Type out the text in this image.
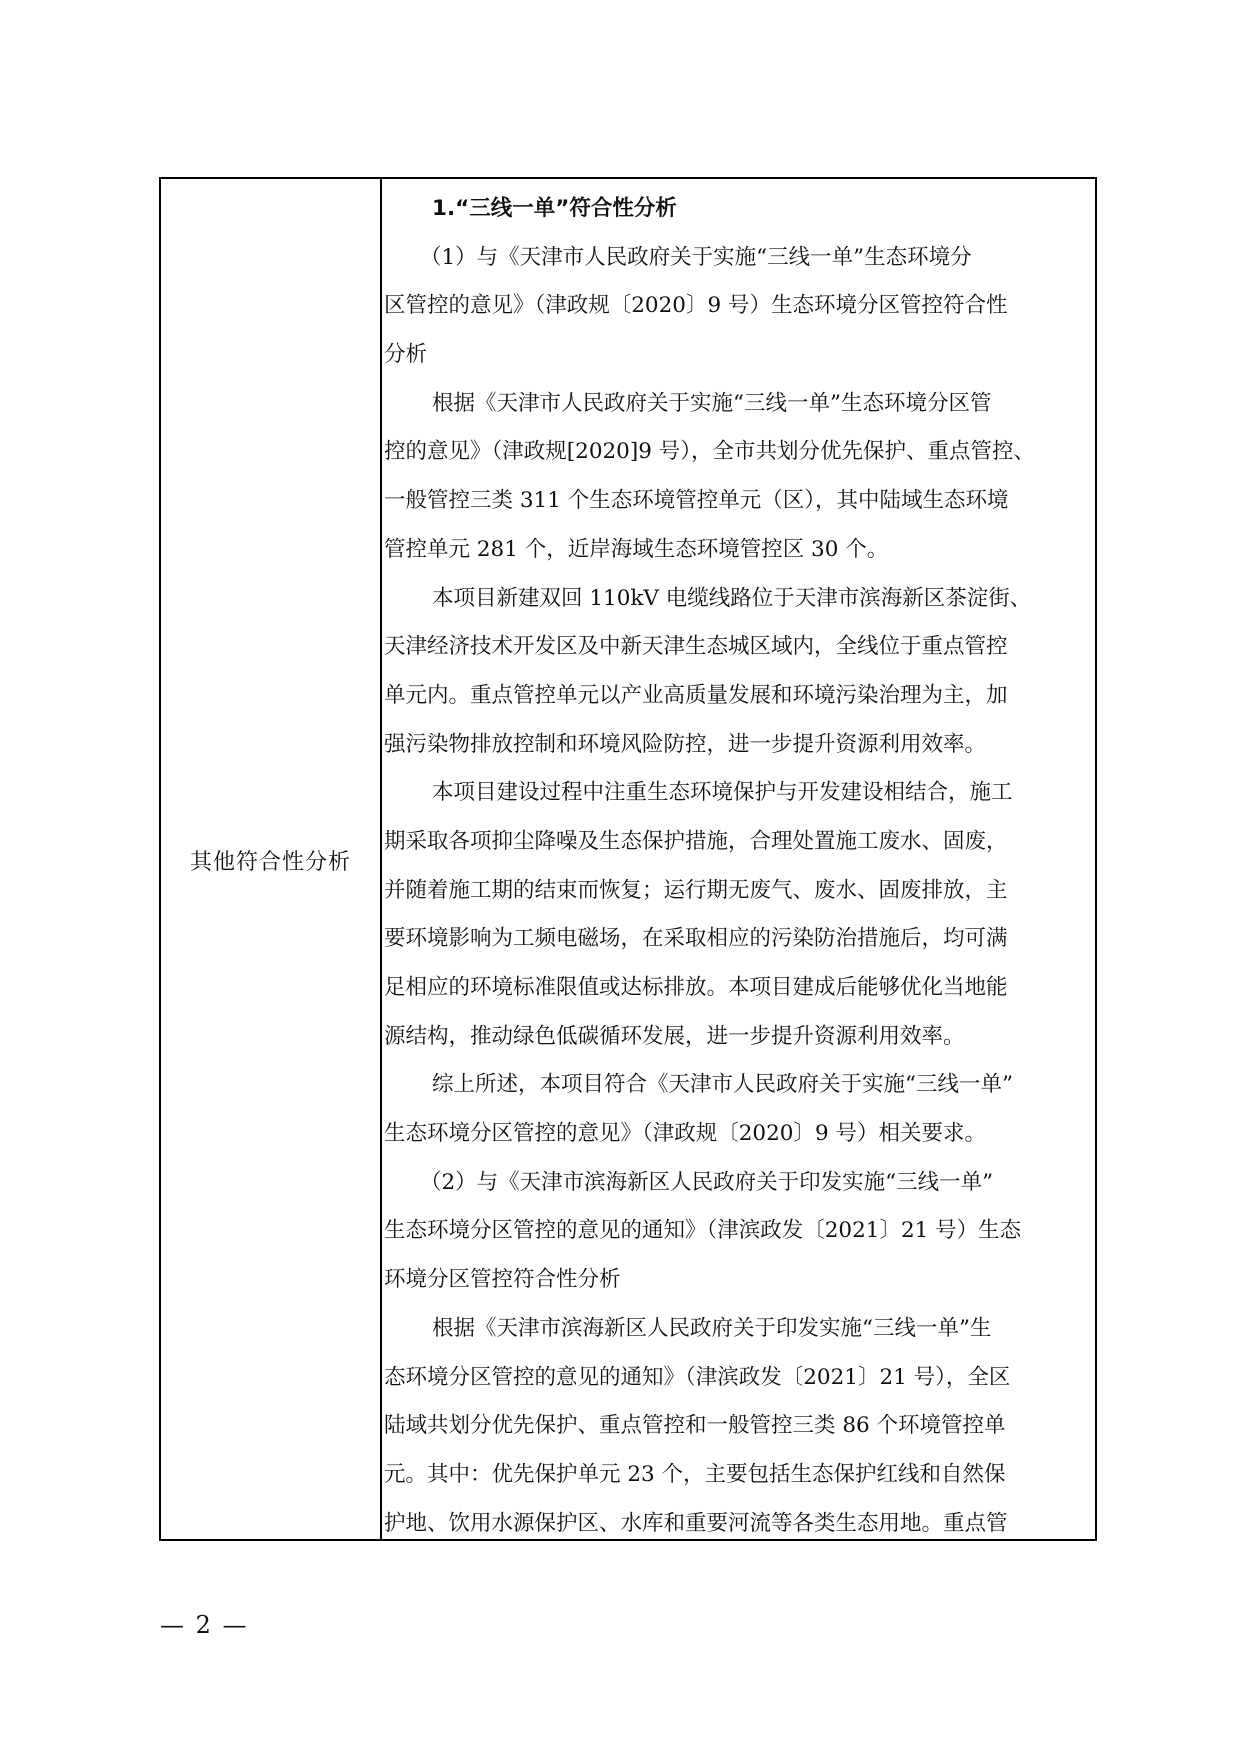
其他符合性分析
1.“三线一单”符合性分析
（1）与《天津市人民政府关于实施“三线一单”生态环境分
区管控的意见》（津政规〔2020〕9 号）生态环境分区管控符合性
分析
根据《天津市人民政府关于实施“三线一单”生态环境分区管
控的意见》（津政规[2020]9 号），全市共划分优先保护、重点管控、
一般管控三类 311 个生态环境管控单元（区），其中陆域生态环境
管控单元 281 个，近岸海域生态环境管控区 30 个。
本项目新建双回 110kV 电缆线路位于天津市滨海新区茶淀街、
天津经济技术开发区及中新天津生态城区域内，全线位于重点管控
单元内。重点管控单元以产业高质量发展和环境污染治理为主，加
强污染物排放控制和环境风险防控，进一步提升资源利用效率。
本项目建设过程中注重生态环境保护与开发建设相结合，施工
期采取各项抑尘降噪及生态保护措施，合理处置施工废水、固废，
并随着施工期的结束而恢复；运行期无废气、废水、固废排放，主
要环境影响为工频电磁场，在采取相应的污染防治措施后，均可满
足相应的环境标准限值或达标排放。本项目建成后能够优化当地能
源结构，推动绿色低碳循环发展，进一步提升资源利用效率。
综上所述，本项目符合《天津市人民政府关于实施“三线一单”
生态环境分区管控的意见》（津政规〔2020〕9 号）相关要求。
（2）与《天津市滨海新区人民政府关于印发实施“三线一单”
生态环境分区管控的意见的通知》（津滨政发〔2021〕21 号）生态
环境分区管控符合性分析
根据《天津市滨海新区人民政府关于印发实施“三线一单”生
态环境分区管控的意见的通知》（津滨政发〔2021〕21 号），全区
陆域共划分优先保护、重点管控和一般管控三类 86 个环境管控单
元。其中：优先保护单元 23 个，主要包括生态保护红线和自然保
护地、饮用水源保护区、水库和重要河流等各类生态用地。重点管
— 2 —
